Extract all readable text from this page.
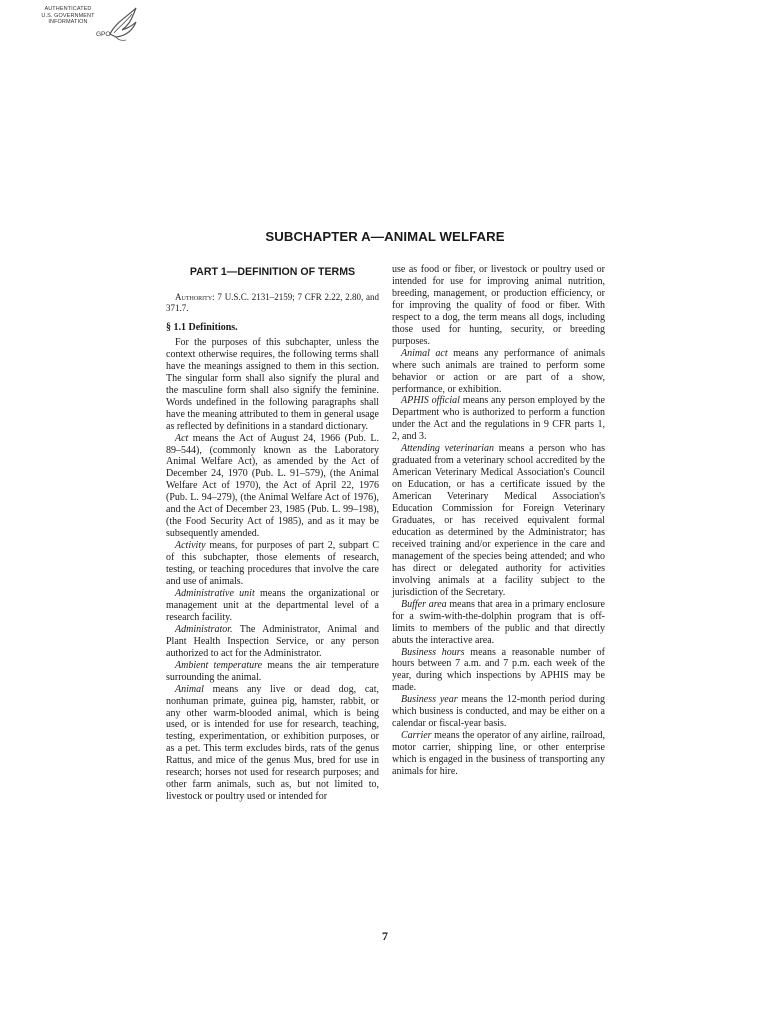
AUTHENTICATED
U.S. GOVERNMENT
INFORMATION
GPO
SUBCHAPTER A—ANIMAL WELFARE
PART 1—DEFINITION OF TERMS

Authority: 7 U.S.C. 2131–2159; 7 CFR 2.22, 2.80, and 371.7.

§ 1.1 Definitions.

For the purposes of this subchapter, unless the context otherwise requires, the following terms shall have the meanings assigned to them in this section. The singular form shall also signify the plural and the masculine form shall also signify the feminine. Words undefined in the following paragraphs shall have the meaning attributed to them in general usage as reflected by definitions in a standard dictionary.

Act means the Act of August 24, 1966 (Pub. L. 89–544), (commonly known as the Laboratory Animal Welfare Act), as amended by the Act of December 24, 1970 (Pub. L. 91–579), (the Animal Welfare Act of 1970), the Act of April 22, 1976 (Pub. L. 94–279), (the Animal Welfare Act of 1976), and the Act of December 23, 1985 (Pub. L. 99–198), (the Food Security Act of 1985), and as it may be subsequently amended.

Activity means, for purposes of part 2, subpart C of this subchapter, those elements of research, testing, or teaching procedures that involve the care and use of animals.

Administrative unit means the organizational or management unit at the departmental level of a research facility.

Administrator. The Administrator, Animal and Plant Health Inspection Service, or any person authorized to act for the Administrator.

Ambient temperature means the air temperature surrounding the animal.

Animal means any live or dead dog, cat, nonhuman primate, guinea pig, hamster, rabbit, or any other warm-blooded animal, which is being used, or is intended for use for research, teaching, testing, experimentation, or exhibition purposes, or as a pet. This term excludes birds, rats of the genus Rattus, and mice of the genus Mus, bred for use in research; horses not used for research purposes; and other farm animals, such as, but not limited to, livestock or poultry used or intended for

use as food or fiber, or livestock or poultry used or intended for use for improving animal nutrition, breeding, management, or production efficiency, or for improving the quality of food or fiber. With respect to a dog, the term means all dogs, including those used for hunting, security, or breeding purposes.

Animal act means any performance of animals where such animals are trained to perform some behavior or action or are part of a show, performance, or exhibition.

APHIS official means any person employed by the Department who is authorized to perform a function under the Act and the regulations in 9 CFR parts 1, 2, and 3.

Attending veterinarian means a person who has graduated from a veterinary school accredited by the American Veterinary Medical Association's Council on Education, or has a certificate issued by the American Veterinary Medical Association's Education Commission for Foreign Veterinary Graduates, or has received equivalent formal education as determined by the Administrator; has received training and/or experience in the care and management of the species being attended; and who has direct or delegated authority for activities involving animals at a facility subject to the jurisdiction of the Secretary.

Buffer area means that area in a primary enclosure for a swim-with-the-dolphin program that is off-limits to members of the public and that directly abuts the interactive area.

Business hours means a reasonable number of hours between 7 a.m. and 7 p.m. each week of the year, during which inspections by APHIS may be made.

Business year means the 12-month period during which business is conducted, and may be either on a calendar or fiscal-year basis.

Carrier means the operator of any airline, railroad, motor carrier, shipping line, or other enterprise which is engaged in the business of transporting any animals for hire.

7
